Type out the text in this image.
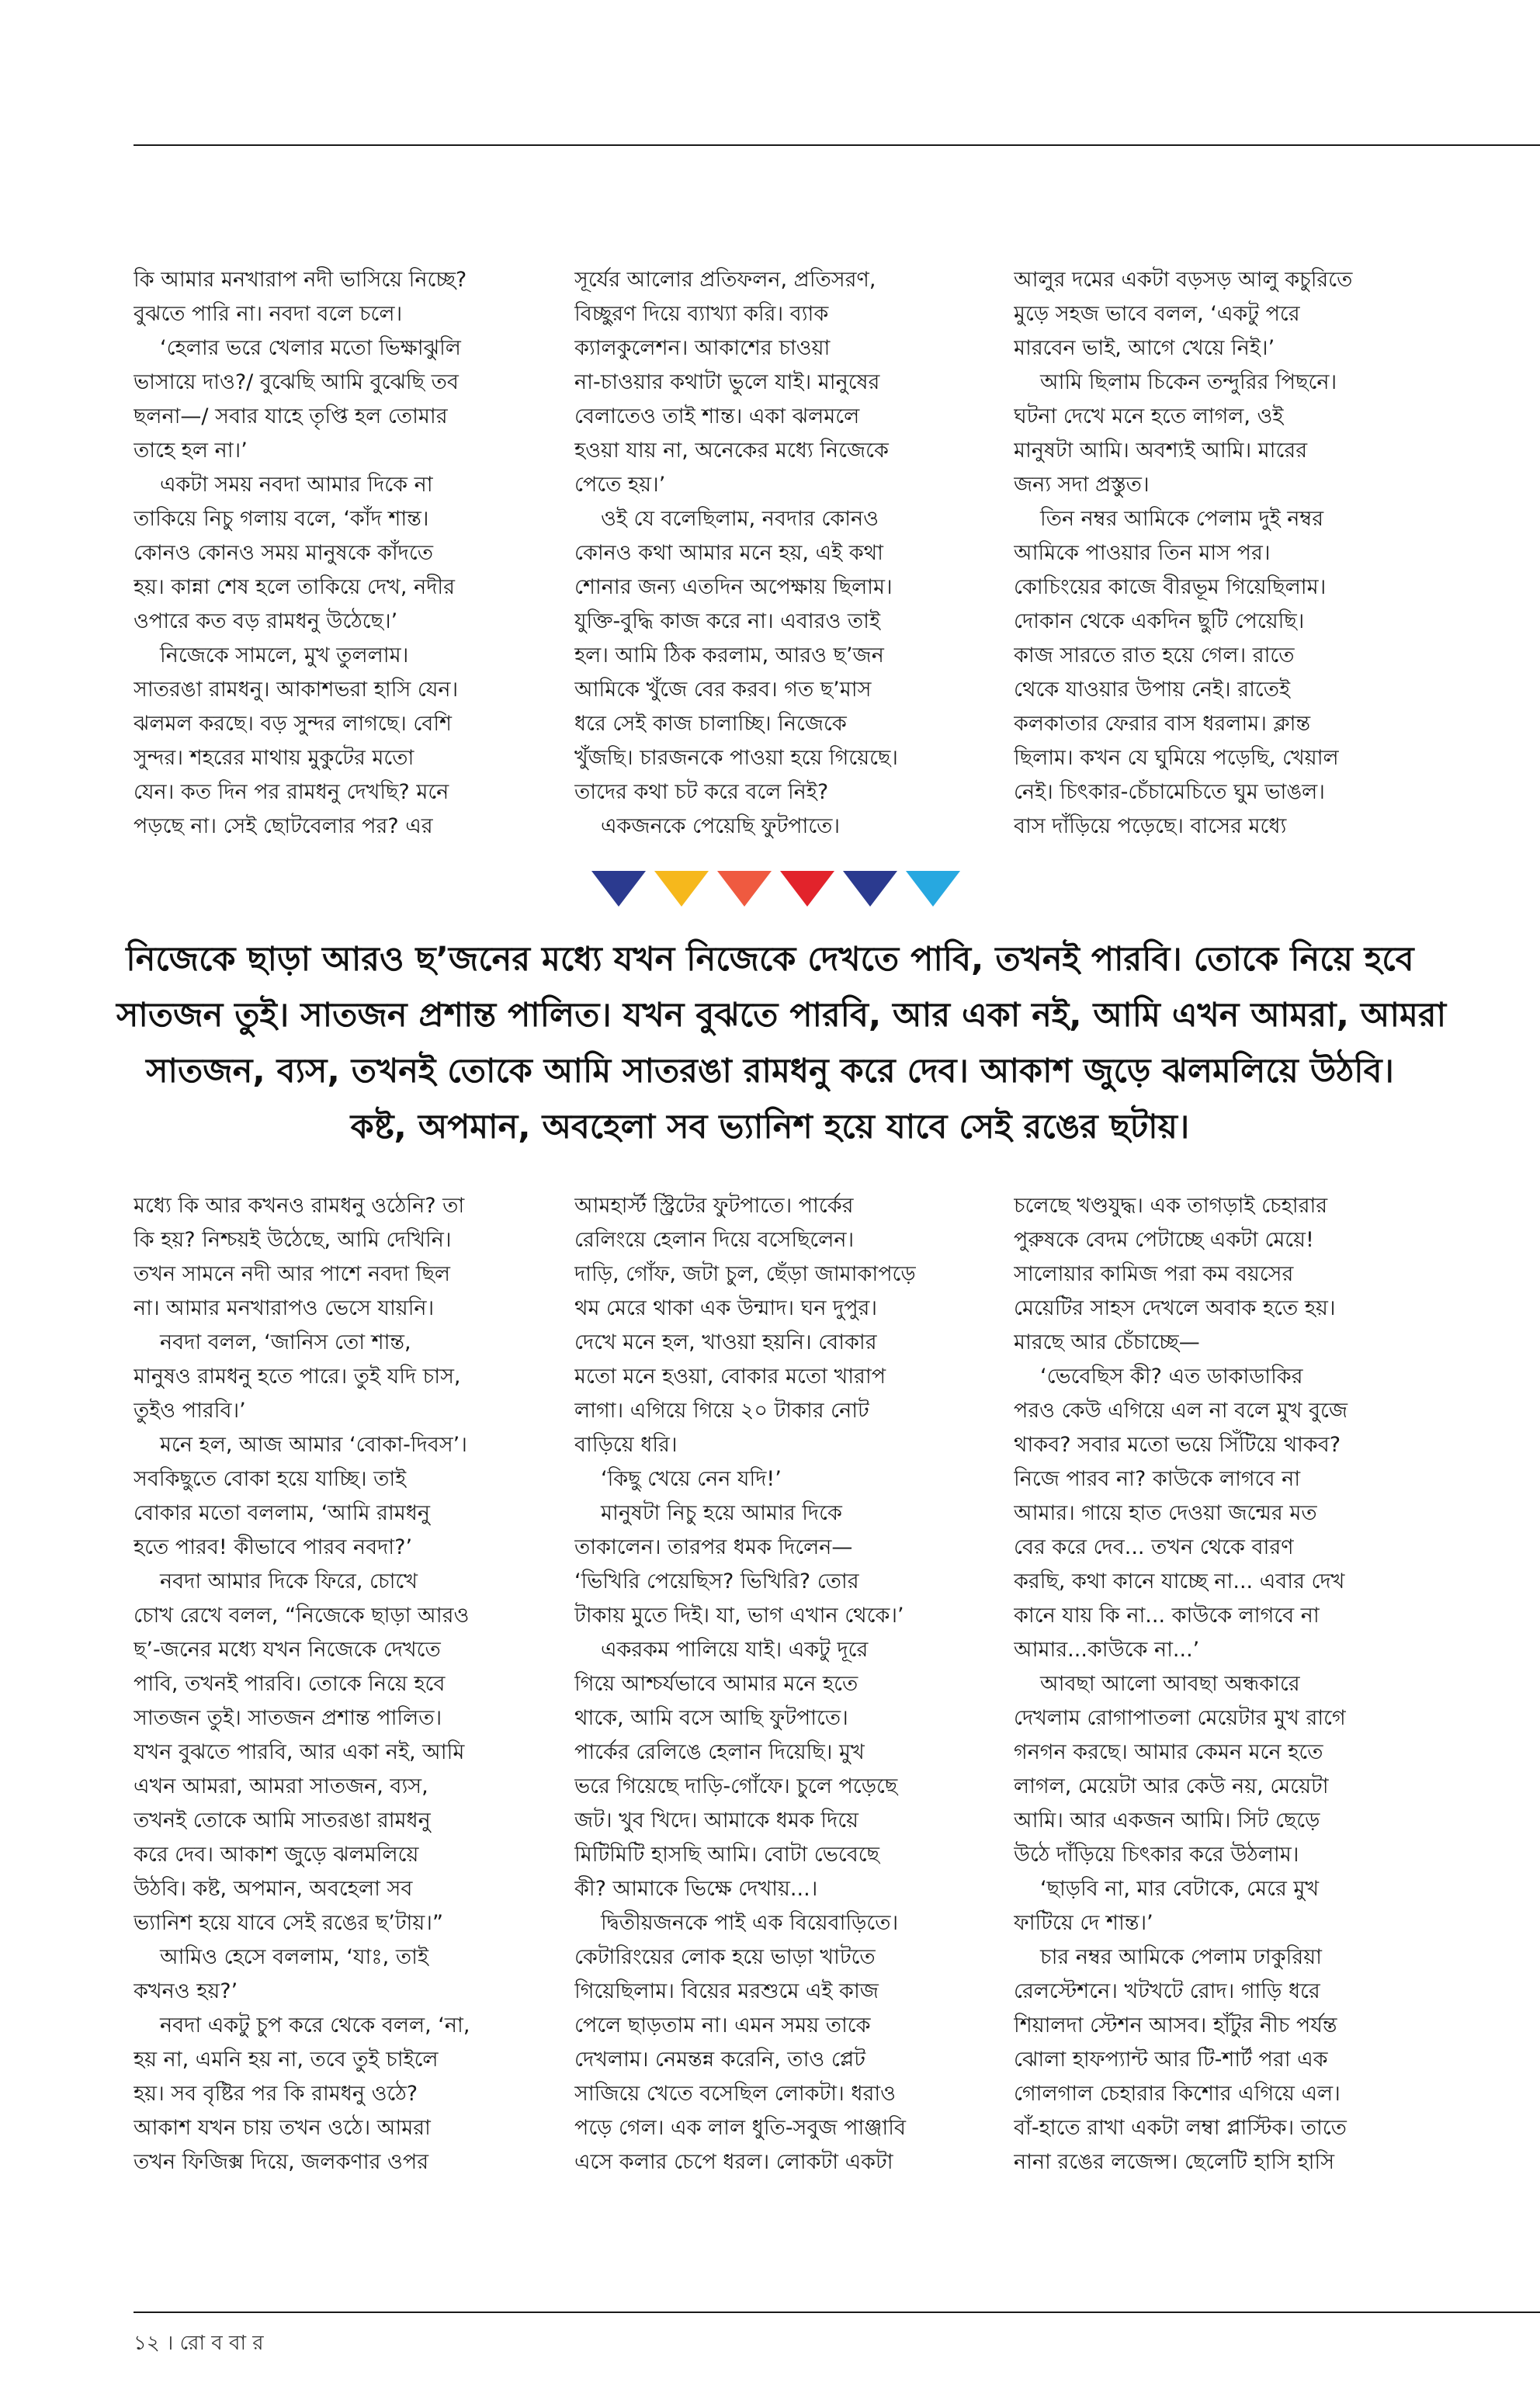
কি আমার মনখারাপ নদী ভাসিয়ে নিচ্ছে?

বুঝতে পারি না। নবদা বলে চলে।

‘হেলার ভরে খেলার মতো ভিক্ষাঝুলি

ভাসায়ে দাও?/ বুঝেছি আমি বুঝেছি তব

ছলনা—/ সবার যাহে তৃপ্তি হল তোমার

তাহে হল না।’

একটা সময় নবদা আমার দিকে না

তাকিয়ে নিচু গলায় বলে, ‘কাঁদ শান্ত।

কোনও কোনও সময় মানুষকে কাঁদতে

হয়। কান্না শেষ হলে তাকিয়ে দেখ, নদীর

ওপারে কত বড় রামধনু উঠেছে।’

নিজেকে সামলে, মুখ তুললাম।

সাতরঙা রামধনু। আকাশভরা হাসি যেন।

ঝলমল করছে। বড় সুন্দর লাগছে। বেশি

সুন্দর। শহরের মাথায় মুকুটের মতো

যেন। কত দিন পর রামধনু দেখছি? মনে

পড়ছে না। সেই ছোটবেলার পর? এর

সূর্যের আলোর প্রতিফলন, প্রতিসরণ,

বিচ্ছুরণ দিয়ে ব্যাখ্যা করি। ব্যাক

ক্যালকুলেশন। আকাশের চাওয়া

না-চাওয়ার কথাটা ভুলে যাই। মানুষের

বেলাতেও তাই শান্ত। একা ঝলমলে

হওয়া যায় না, অনেকের মধ্যে নিজেকে

পেতে হয়।’

ওই যে বলেছিলাম, নবদার কোনও

কোনও কথা আমার মনে হয়, এই কথা

শোনার জন্য এতদিন অপেক্ষায় ছিলাম।

যুক্তি-বুদ্ধি কাজ করে না। এবারও তাই

হল। আমি ঠিক করলাম, আরও ছ’জন

আমিকে খুঁজে বের করব। গত ছ’মাস

ধরে সেই কাজ চালাচ্ছি। নিজেকে

খুঁজছি। চারজনকে পাওয়া হয়ে গিয়েছে।

তাদের কথা চট করে বলে নিই?

একজনকে পেয়েছি ফুটপাতে।

আলুর দমের একটা বড়সড় আলু কচুরিতে

মুড়ে সহজ ভাবে বলল, ‘একটু পরে

মারবেন ভাই, আগে খেয়ে নিই।’

আমি ছিলাম চিকেন তন্দুরির পিছনে।

ঘটনা দেখে মনে হতে লাগল, ওই

মানুষটা আমি। অবশ্যই আমি। মারের

জন্য সদা প্রস্তুত।

তিন নম্বর আমিকে পেলাম দুই নম্বর

আমিকে পাওয়ার তিন মাস পর।

কোচিংয়ের কাজে বীরভূম গিয়েছিলাম।

দোকান থেকে একদিন ছুটি পেয়েছি।

কাজ সারতে রাত হয়ে গেল। রাতে

থেকে যাওয়ার উপায় নেই। রাতেই

কলকাতার ফেরার বাস ধরলাম। ক্লান্ত

ছিলাম। কখন যে ঘুমিয়ে পড়েছি, খেয়াল

নেই। চিৎকার-চেঁচামেচিতে ঘুম ভাঙল।

বাস দাঁড়িয়ে পড়েছে। বাসের মধ্যে

নিজেকে ছাড়া আরও ছ’জনের মধ্যে যখন নিজেকে দেখতে পাবি, তখনই পারবি। তোকে নিয়ে হবে

সাতজন তুই। সাতজন প্রশান্ত পালিত। যখন বুঝতে পারবি, আর একা নই, আমি এখন আমরা, আমরা

সাতজন, ব্যস, তখনই তোকে আমি সাতরঙা রামধনু করে দেব। আকাশ জুড়ে ঝলমলিয়ে উঠবি।

কষ্ট, অপমান, অবহেলা সব ভ্যানিশ হয়ে যাবে সেই রঙের ছটায়।

মধ্যে কি আর কখনও রামধনু ওঠেনি? তা

কি হয়? নিশ্চয়ই উঠেছে, আমি দেখিনি।

তখন সামনে নদী আর পাশে নবদা ছিল

না। আমার মনখারাপও ভেসে যায়নি।

নবদা বলল, ‘জানিস তো শান্ত,

মানুষও রামধনু হতে পারে। তুই যদি চাস,

তুইও পারবি।’

মনে হল, আজ আমার ‘বোকা-দিবস’।

সবকিছুতে বোকা হয়ে যাচ্ছি। তাই

বোকার মতো বললাম, ‘আমি রামধনু

হতে পারব! কীভাবে পারব নবদা?’

নবদা আমার দিকে ফিরে, চোখে

চোখ রেখে বলল, “নিজেকে ছাড়া আরও

ছ’-জনের মধ্যে যখন নিজেকে দেখতে

পাবি, তখনই পারবি। তোকে নিয়ে হবে

সাতজন তুই। সাতজন প্রশান্ত পালিত।

যখন বুঝতে পারবি, আর একা নই, আমি

এখন আমরা, আমরা সাতজন, ব্যস,

তখনই তোকে আমি সাতরঙা রামধনু

করে দেব। আকাশ জুড়ে ঝলমলিয়ে

উঠবি। কষ্ট, অপমান, অবহেলা সব

ভ্যানিশ হয়ে যাবে সেই রঙের ছ’টায়।”

আমিও হেসে বললাম, ‘যাঃ, তাই

কখনও হয়?’

নবদা একটু চুপ করে থেকে বলল, ‘না,

হয় না, এমনি হয় না, তবে তুই চাইলে

হয়। সব বৃষ্টির পর কি রামধনু ওঠে?

আকাশ যখন চায় তখন ওঠে। আমরা

তখন ফিজিক্স দিয়ে, জলকণার ওপর

আমহার্স্ট স্ট্রিটের ফুটপাতে। পার্কের

রেলিংয়ে হেলান দিয়ে বসেছিলেন।

দাড়ি, গোঁফ, জটা চুল, ছেঁড়া জামাকাপড়ে

থম মেরে থাকা এক উন্মাদ। ঘন দুপুর।

দেখে মনে হল, খাওয়া হয়নি। বোকার

মতো মনে হওয়া, বোকার মতো খারাপ

লাগা। এগিয়ে গিয়ে ২০ টাকার নোট

বাড়িয়ে ধরি।

‘কিছু খেয়ে নেন যদি!’

মানুষটা নিচু হয়ে আমার দিকে

তাকালেন। তারপর ধমক দিলেন—

‘ভিখিরি পেয়েছিস? ভিখিরি? তোর

টাকায় মুতে দিই। যা, ভাগ এখান থেকে।’

একরকম পালিয়ে যাই। একটু দূরে

গিয়ে আশ্চর্যভাবে আমার মনে হতে

থাকে, আমি বসে আছি ফুটপাতে।

পার্কের রেলিঙে হেলান দিয়েছি। মুখ

ভরে গিয়েছে দাড়ি-গোঁফে। চুলে পড়েছে

জট। খুব খিদে। আমাকে ধমক দিয়ে

মিটিমিটি হাসছি আমি। বোটা ভেবেছে

কী? আমাকে ভিক্ষে দেখায়...।

দ্বিতীয়জনকে পাই এক বিয়েবাড়িতে।

কেটারিংয়ের লোক হয়ে ভাড়া খাটতে

গিয়েছিলাম। বিয়ের মরশুমে এই কাজ

পেলে ছাড়তাম না। এমন সময় তাকে

দেখলাম। নেমন্তন্ন করেনি, তাও প্লেট

সাজিয়ে খেতে বসেছিল লোকটা। ধরাও

পড়ে গেল। এক লাল ধুতি-সবুজ পাঞ্জাবি

এসে কলার চেপে ধরল। লোকটা একটা

চলেছে খণ্ডযুদ্ধ। এক তাগড়াই চেহারার

পুরুষকে বেদম পেটাচ্ছে একটা মেয়ে!

সালোয়ার কামিজ পরা কম বয়সের

মেয়েটির সাহস দেখলে অবাক হতে হয়।

মারছে আর চেঁচাচ্ছে—

‘ভেবেছিস কী? এত ডাকাডাকির

পরও কেউ এগিয়ে এল না বলে মুখ বুজে

থাকব? সবার মতো ভয়ে সিঁটিয়ে থাকব?

নিজে পারব না? কাউকে লাগবে না

আমার। গায়ে হাত দেওয়া জন্মের মত

বের করে দেব... তখন থেকে বারণ

করছি, কথা কানে যাচ্ছে না... এবার দেখ

কানে যায় কি না... কাউকে লাগবে না

আমার...কাউকে না...’

আবছা আলো আবছা অন্ধকারে

দেখলাম রোগাপাতলা মেয়েটার মুখ রাগে

গনগন করছে। আমার কেমন মনে হতে

লাগল, মেয়েটা আর কেউ নয়, মেয়েটা

আমি। আর একজন আমি। সিট ছেড়ে

উঠে দাঁড়িয়ে চিৎকার করে উঠলাম।

‘ছাড়বি না, মার বেটাকে, মেরে মুখ

ফাটিয়ে দে শান্ত।’

চার নম্বর আমিকে পেলাম ঢাকুরিয়া

রেলস্টেশনে। খটখটে রোদ। গাড়ি ধরে

শিয়ালদা স্টেশন আসব। হাঁটুর নীচ পর্যন্ত

ঝোলা হাফপ্যান্ট আর টি-শার্ট পরা এক

গোলগাল চেহারার কিশোর এগিয়ে এল।

বাঁ-হাতে রাখা একটা লম্বা প্লাস্টিক। তাতে

নানা রঙের লজেন্স। ছেলেটি হাসি হাসি

১২ । রো ব বা র
